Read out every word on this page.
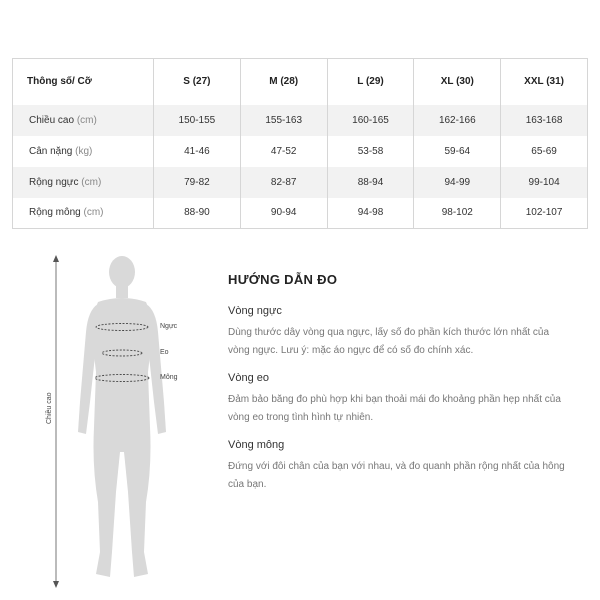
Thông số/ Cỡ	S (27)	M (28)	L (29)	XL (30)	XXL (31)
Chiều cao (cm)	150-155	155-163	160-165	162-166	163-168
Cân nặng (kg)	41-46	47-52	53-58	59-64	65-69
Rộng ngực (cm)	79-82	82-87	88-94	94-99	99-104
Rộng mông (cm)	88-90	90-94	94-98	98-102	102-107
Chiều cao
Ngực
Eo
Mông
HƯỚNG DẪN ĐO
Vòng ngực
Dùng thước dây vòng qua ngực, lấy số đo phần kích thước lớn nhất của vòng ngực. Lưu ý: mặc áo ngực để có số đo chính xác.
Vòng eo
Đảm bảo băng đo phù hợp khi bạn thoải mái đo khoảng phần hẹp nhất của vòng eo trong tình hình tự nhiên.
Vòng mông
Đứng với đôi chân của bạn với nhau, và đo quanh phần rộng nhất của hông của bạn.
